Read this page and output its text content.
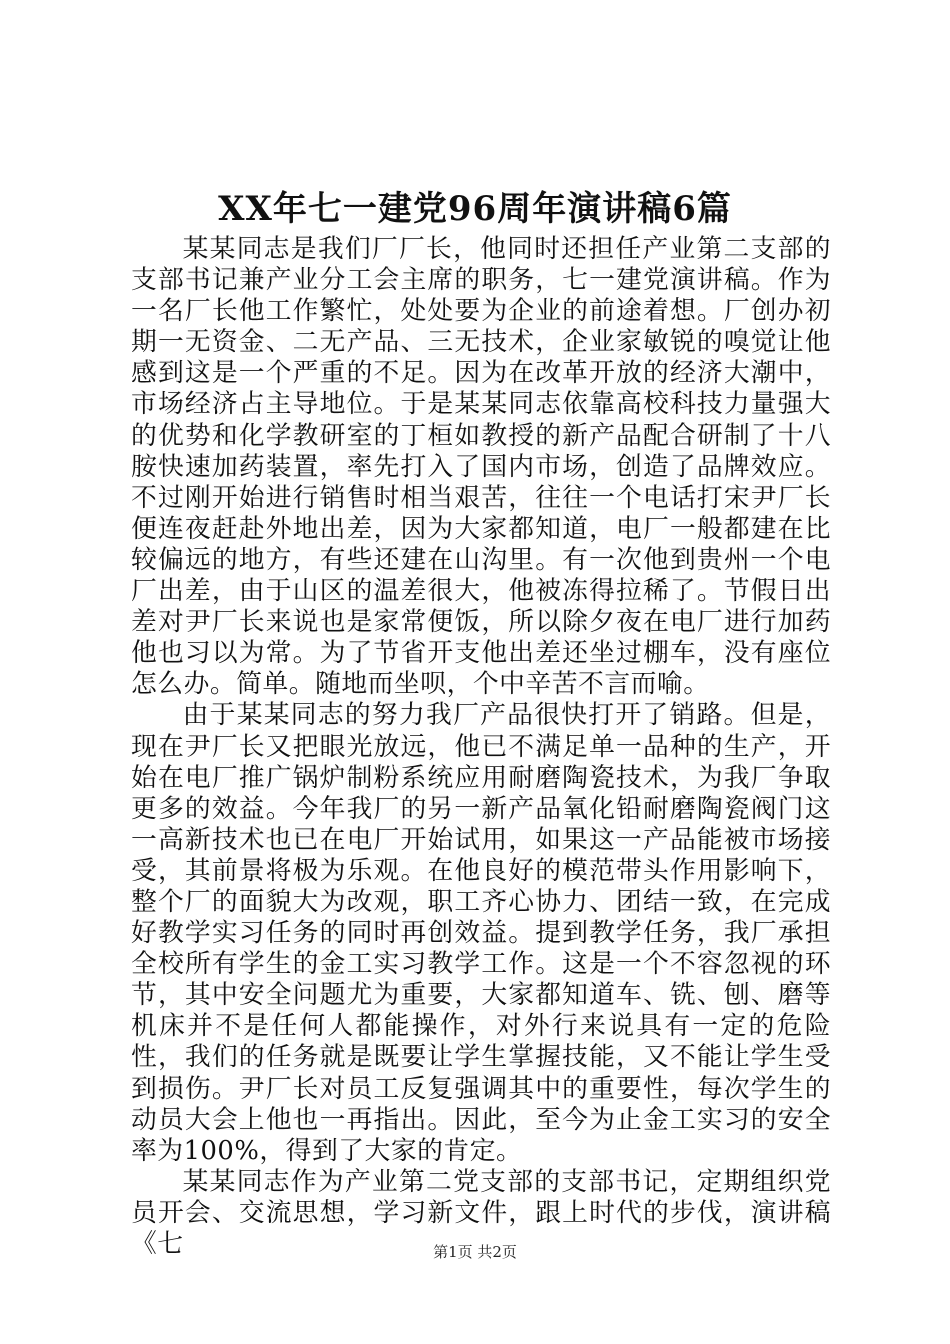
XX年七一建党96周年演讲稿6篇

某某同志是我们厂厂长，他同时还担任产业第二支部的支部书记兼产业分工会主席的职务，七一建党演讲稿。作为一名厂长他工作繁忙，处处要为企业的前途着想。厂创办初期一无资金、二无产品、三无技术，企业家敏锐的嗅觉让他感到这是一个严重的不足。因为在改革开放的经济大潮中，市场经济占主导地位。于是某某同志依靠高校科技力量强大的优势和化学教研室的丁桓如教授的新产品配合研制了十八胺快速加药装置，率先打入了国内市场，创造了品牌效应。不过刚开始进行销售时相当艰苦，往往一个电话打宋尹厂长便连夜赶赴外地出差，因为大家都知道，电厂一般都建在比较偏远的地方，有些还建在山沟里。有一次他到贵州一个电厂出差，由于山区的温差很大，他被冻得拉稀了。节假日出差对尹厂长来说也是家常便饭，所以除夕夜在电厂进行加药他也习以为常。为了节省开支他出差还坐过棚车，没有座位怎么办。简单。随地而坐呗，个中辛苦不言而喻。

由于某某同志的努力我厂产品很快打开了销路。但是，现在尹厂长又把眼光放远，他已不满足单一品种的生产，开始在电厂推广锅炉制粉系统应用耐磨陶瓷技术，为我厂争取更多的效益。今年我厂的另一新产品氧化铅耐磨陶瓷阀门这一高新技术也已在电厂开始试用，如果这一产品能被市场接受，其前景将极为乐观。在他良好的模范带头作用影响下，整个厂的面貌大为改观，职工齐心协力、团结一致，在完成好教学实习任务的同时再创效益。提到教学任务，我厂承担全校所有学生的金工实习教学工作。这是一个不容忽视的环节，其中安全问题尤为重要，大家都知道车、铣、刨、磨等机床并不是任何人都能操作，对外行来说具有一定的危险性，我们的任务就是既要让学生掌握技能，又不能让学生受到损伤。尹厂长对员工反复强调其中的重要性，每次学生的动员大会上他也一再指出。因此，至今为止金工实习的安全率为100%，得到了大家的肯定。

某某同志作为产业第二党支部的支部书记，定期组织党员开会、交流思想，学习新文件，跟上时代的步伐，演讲稿《七	第1页 共2页
